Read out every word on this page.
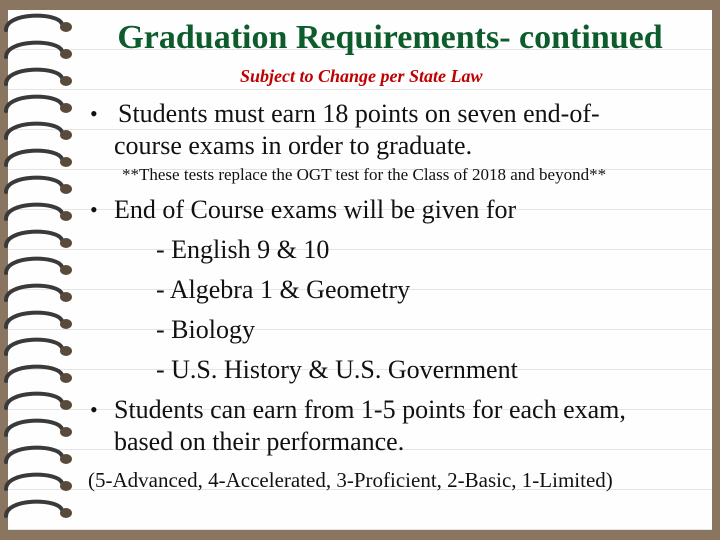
Graduation Requirements- continued
Subject to Change per State Law
• Students must earn 18 points on seven end-of-
course exams in order to graduate.
**These tests replace the OGT test for the Class of 2018 and beyond**
• End of Course exams will be given for
- English 9 & 10
- Algebra 1 & Geometry
- Biology
- U.S. History & U.S. Government
• Students can earn from 1-5 points for each exam,
based on their performance.
(5-Advanced, 4-Accelerated, 3-Proficient, 2-Basic, 1-Limited)
